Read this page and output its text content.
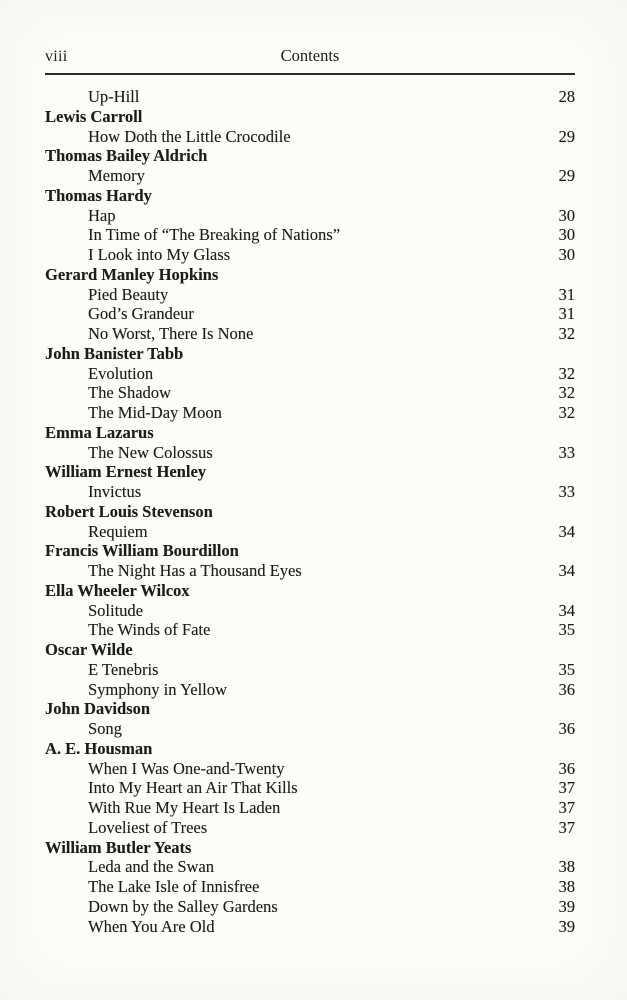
viii	Contents
Up-Hill	28
Lewis Carroll
How Doth the Little Crocodile	29
Thomas Bailey Aldrich
Memory	29
Thomas Hardy
Hap	30
In Time of “The Breaking of Nations”	30
I Look into My Glass	30
Gerard Manley Hopkins
Pied Beauty	31
God’s Grandeur	31
No Worst, There Is None	32
John Banister Tabb
Evolution	32
The Shadow	32
The Mid-Day Moon	32
Emma Lazarus
The New Colossus	33
William Ernest Henley
Invictus	33
Robert Louis Stevenson
Requiem	34
Francis William Bourdillon
The Night Has a Thousand Eyes	34
Ella Wheeler Wilcox
Solitude	34
The Winds of Fate	35
Oscar Wilde
E Tenebris	35
Symphony in Yellow	36
John Davidson
Song	36
A. E. Housman
When I Was One-and-Twenty	36
Into My Heart an Air That Kills	37
With Rue My Heart Is Laden	37
Loveliest of Trees	37
William Butler Yeats
Leda and the Swan	38
The Lake Isle of Innisfree	38
Down by the Salley Gardens	39
When You Are Old	39
